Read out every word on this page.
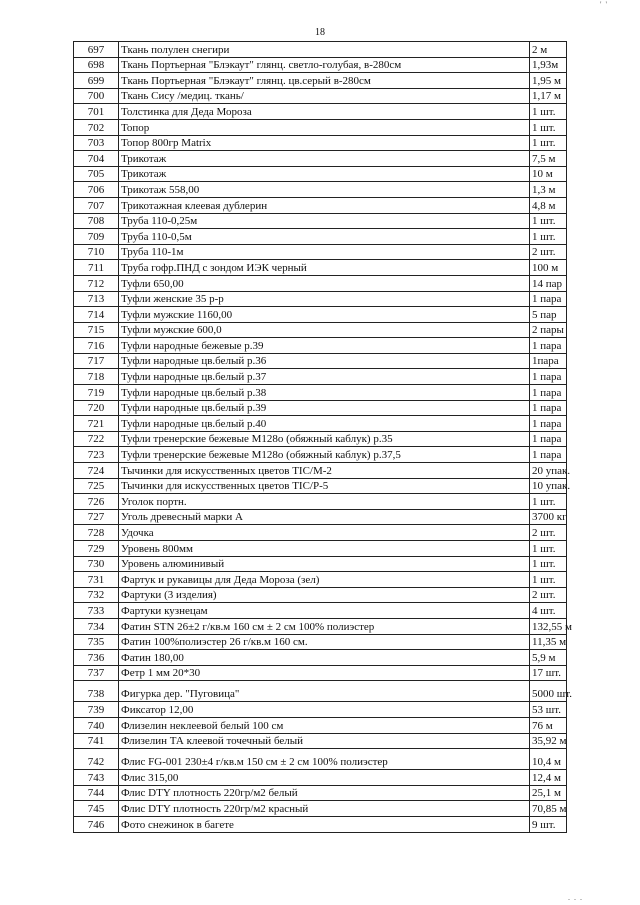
' '
18
697	Ткань полулен снегири	2 м
698	Ткань Портьерная "Блэкаут" глянц. светло-голубая, в-280см	1,93м
699	Ткань Портьерная "Блэкаут" глянц. цв.серый в-280см	1,95 м
700	Ткань Сису /медиц. ткань/	1,17 м
701	Толстинка для Деда Мороза	1 шт.
702	Топор	1 шт.
703	Топор 800гр Matrix	1 шт.
704	Трикотаж	7,5 м
705	Трикотаж	10 м
706	Трикотаж 558,00	1,3 м
707	Трикотажная клеевая дублерин	4,8 м
708	Труба 110-0,25м	1 шт.
709	Труба 110-0,5м	1 шт.
710	Труба 110-1м	2 шт.
711	Труба гофр.ПНД с зондом ИЭК черный	100 м
712	Туфли 650,00	14 пар
713	Туфли женские 35 р-р	1 пара
714	Туфли мужские 1160,00	5 пар
715	Туфли мужские 600,0	2 пары
716	Туфли народные бежевые р.39	1 пара
717	Туфли народные цв.белый р.36	1пара
718	Туфли народные цв.белый р.37	1 пара
719	Туфли народные цв.белый р.38	1 пара
720	Туфли народные цв.белый р.39	1 пара
721	Туфли народные цв.белый р.40	1 пара
722	Туфли тренерские бежевые М128о (обяжный каблук) р.35	1 пара
723	Туфли тренерские бежевые М128о (обяжный каблук) р.37,5	1 пара
724	Тычинки для искусственных цветов TIC/M-2	20 упак.
725	Тычинки для искусственных цветов TIC/P-5	10 упак.
726	Уголок портн.	1 шт.
727	Уголь древесный марки А	3700 кг
728	Удочка	2 шт.
729	Уровень 800мм	1 шт.
730	Уровень алюминивый	1 шт.
731	Фартук и рукавицы для Деда Мороза (зел)	1 шт.
732	Фартуки (3 изделия)	2 шт.
733	Фартуки кузнецам	4 шт.
734	Фатин STN 26±2 г/кв.м 160 см ± 2 см 100% полиэстер	132,55 м
735	Фатин 100%полиэстер 26 г/кв.м 160 см.	11,35 м
736	Фатин 180,00	5,9 м
737	Фетр 1 мм 20*30	17 шт.
738	Фигурка дер. "Пуговица"	5000 шт.
739	Фиксатор 12,00	53 шт.
740	Флизелин неклеевой белый 100 см	76 м
741	Флизелин ТА клеевой точечный белый	35,92 м
742	Флис FG-001 230±4 г/кв.м 150 см ± 2 см 100% полиэстер	10,4 м
743	Флис 315,00	12,4 м
744	Флис DTY плотность 220гр/м2 белый	25,1 м
745	Флис DTY плотность 220гр/м2 красный	70,85 м
746	Фото снежинок в багете	9 шт.
. . .
